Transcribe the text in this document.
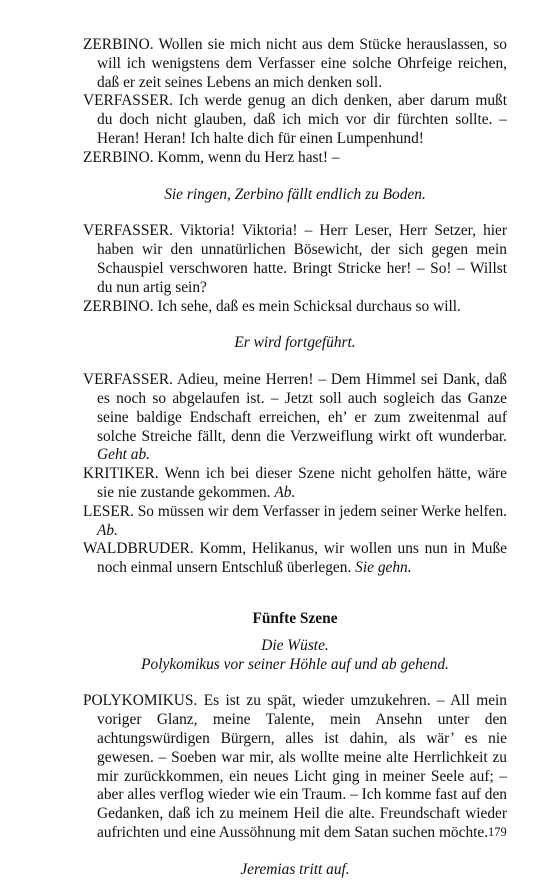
ZERBINO. Wollen sie mich nicht aus dem Stücke herauslassen, so will ich wenigstens dem Verfasser eine solche Ohrfeige reichen, daß er zeit seines Lebens an mich denken soll.

VERFASSER. Ich werde genug an dich denken, aber darum mußt du doch nicht glauben, daß ich mich vor dir fürchten sollte. – Heran! Heran! Ich halte dich für einen Lumpenhund!

ZERBINO. Komm, wenn du Herz hast! –

Sie ringen, Zerbino fällt endlich zu Boden.

VERFASSER. Viktoria! Viktoria! – Herr Leser, Herr Setzer, hier haben wir den unnatürlichen Bösewicht, der sich gegen mein Schauspiel verschworen hatte. Bringt Stricke her! – So! – Willst du nun artig sein?

ZERBINO. Ich sehe, daß es mein Schicksal durchaus so will.

Er wird fortgeführt.

VERFASSER. Adieu, meine Herren! – Dem Himmel sei Dank, daß es noch so abgelaufen ist. – Jetzt soll auch sogleich das Ganze seine baldige Endschaft erreichen, eh’ er zum zweitenmal auf solche Streiche fällt, denn die Verzweiflung wirkt oft wunderbar. Geht ab.

KRITIKER. Wenn ich bei dieser Szene nicht geholfen hätte, wäre sie nie zustande gekommen. Ab.

LESER. So müssen wir dem Verfasser in jedem seiner Werke helfen. Ab.

WALDBRUDER. Komm, Helikanus, wir wollen uns nun in Muße noch einmal unsern Entschluß überlegen. Sie gehn.

Fünfte Szene

Die Wüste.

Polykomikus vor seiner Höhle auf und ab gehend.

POLYKOMIKUS. Es ist zu spät, wieder umzukehren. – All mein voriger Glanz, meine Talente, mein Ansehn unter den achtungswürdigen Bürgern, alles ist dahin, als wär’ es nie gewesen. – Soeben war mir, als wollte meine alte Herrlichkeit zu mir zurückkommen, ein neues Licht ging in meiner Seele auf; – aber alles verflog wieder wie ein Traum. – Ich komme fast auf den Gedanken, daß ich zu meinem Heil die alte. Freundschaft wieder aufrichten und eine Aussöhnung mit dem Satan suchen möchte.

Jeremias tritt auf.

179
